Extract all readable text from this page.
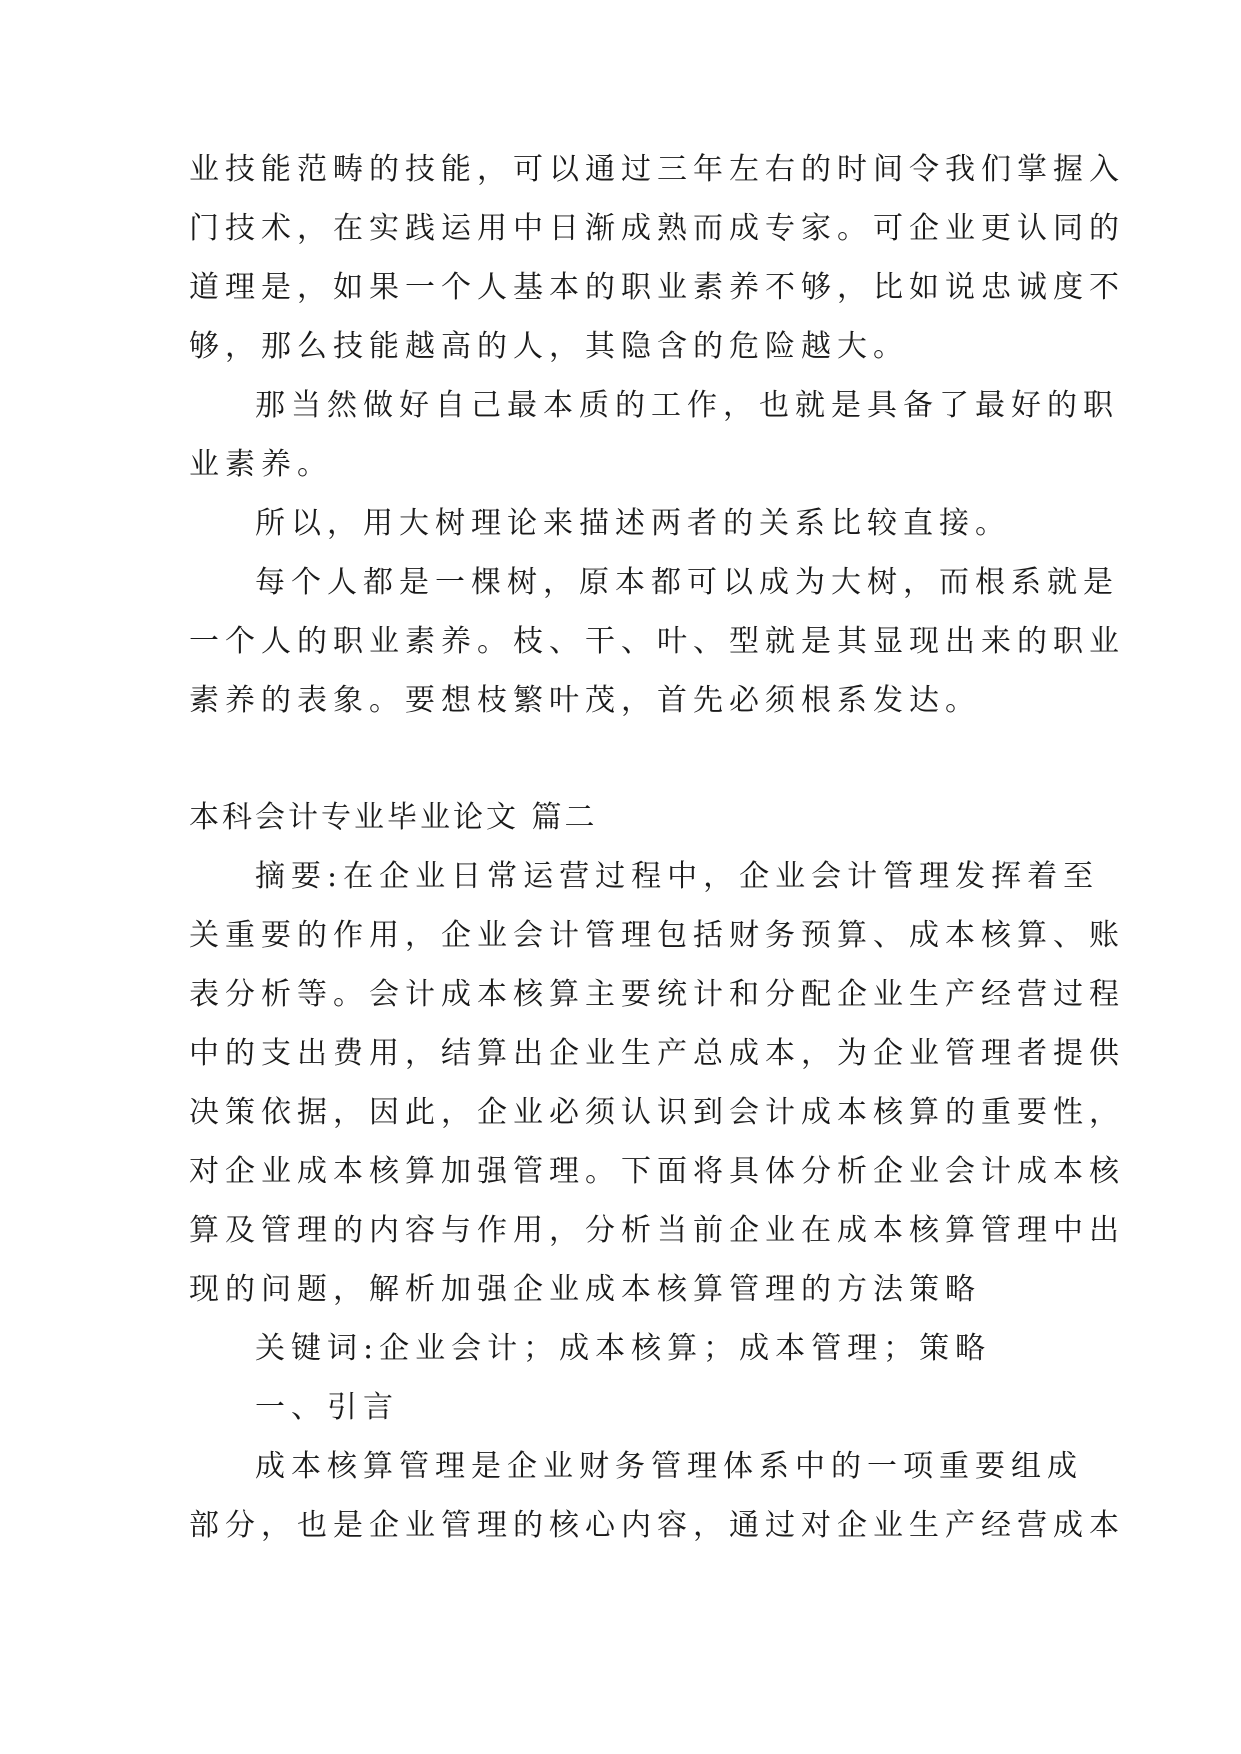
业技能范畴的技能，可以通过三年左右的时间令我们掌握入
门技术，在实践运用中日渐成熟而成专家。可企业更认同的
道理是，如果一个人基本的职业素养不够，比如说忠诚度不
够，那么技能越高的人，其隐含的危险越大。
那当然做好自己最本质的工作，也就是具备了最好的职
业素养。
所以，用大树理论来描述两者的关系比较直接。
每个人都是一棵树，原本都可以成为大树，而根系就是
一个人的职业素养。枝、干、叶、型就是其显现出来的职业
素养的表象。要想枝繁叶茂，首先必须根系发达。
本科会计专业毕业论文 篇二
摘要:在企业日常运营过程中，企业会计管理发挥着至
关重要的作用，企业会计管理包括财务预算、成本核算、账
表分析等。会计成本核算主要统计和分配企业生产经营过程
中的支出费用，结算出企业生产总成本，为企业管理者提供
决策依据，因此，企业必须认识到会计成本核算的重要性，
对企业成本核算加强管理。下面将具体分析企业会计成本核
算及管理的内容与作用，分析当前企业在成本核算管理中出
现的问题，解析加强企业成本核算管理的方法策略
关键词:企业会计；成本核算；成本管理；策略
一、引言
成本核算管理是企业财务管理体系中的一项重要组成
部分，也是企业管理的核心内容，通过对企业生产经营成本
